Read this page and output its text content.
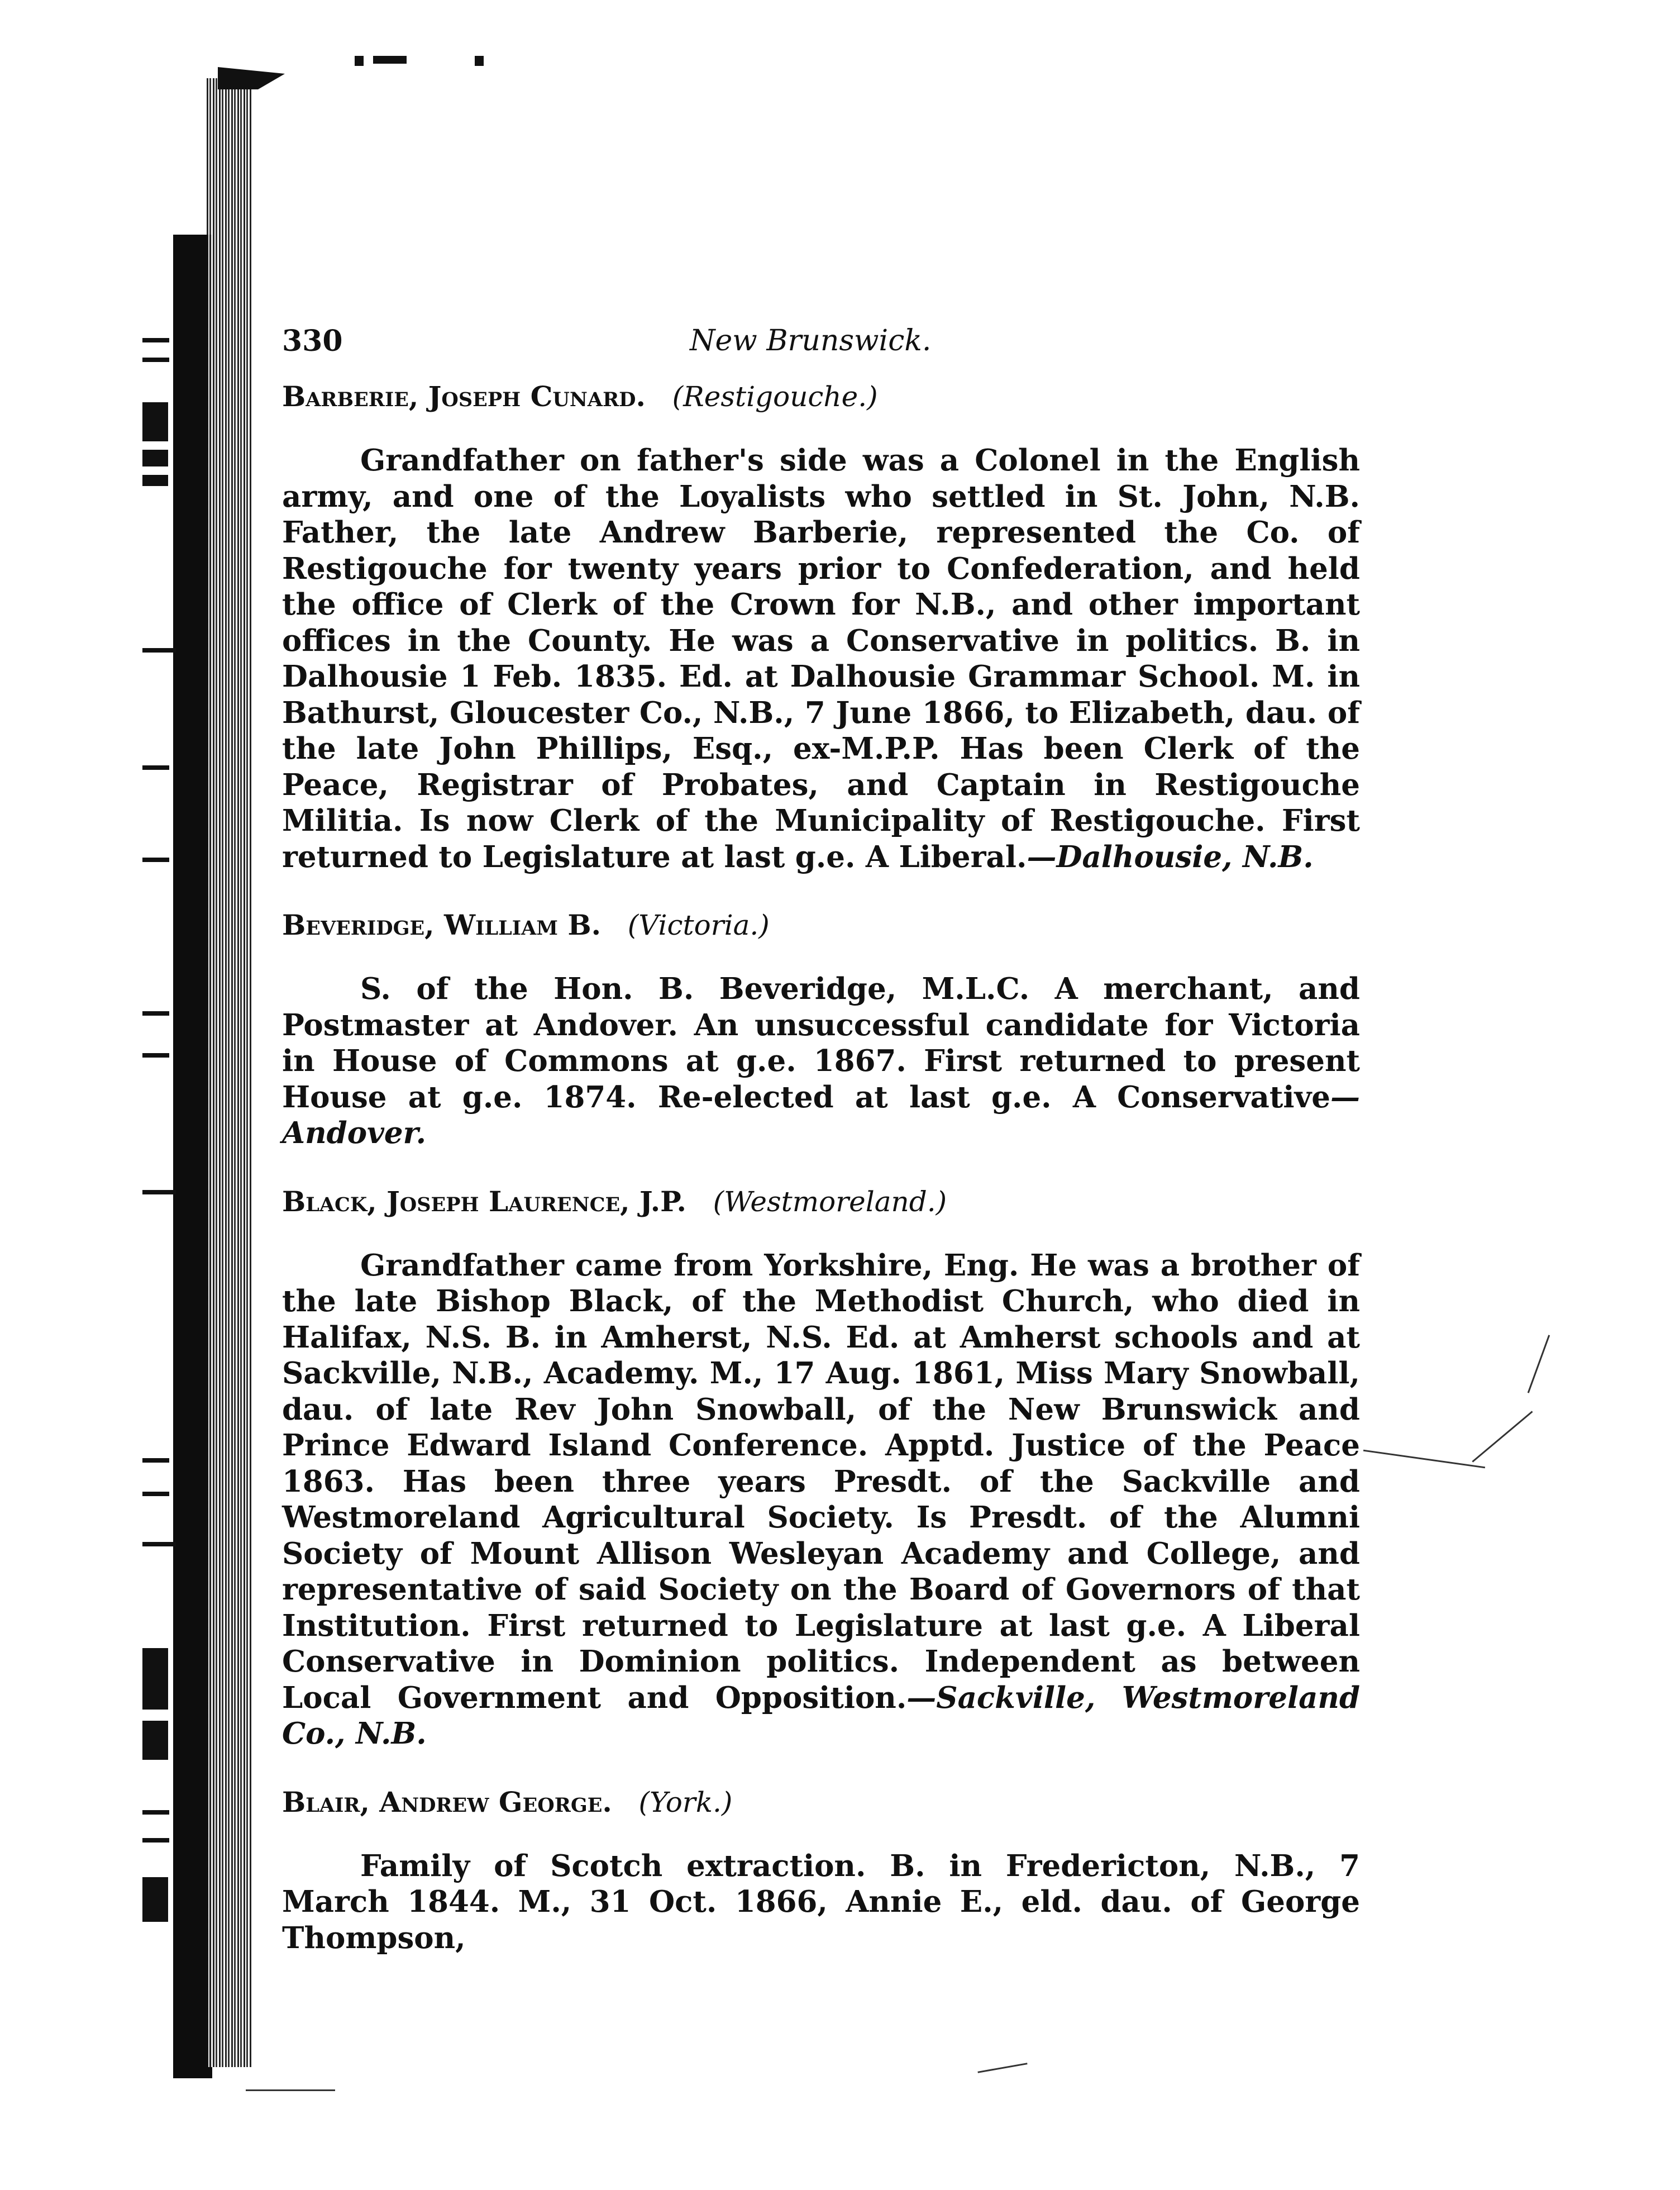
330	New Brunswick.
Barberie, Joseph Cunard. (Restigouche.)

Grandfather on father's side was a Colonel in the English army, and one of the Loyalists who settled in St. John, N.B. Father, the late Andrew Barberie, represented the Co. of Restigouche for twenty years prior to Confederation, and held the office of Clerk of the Crown for N.B., and other important offices in the County. He was a Conservative in politics. B. in Dalhousie 1 Feb. 1835. Ed. at Dalhousie Grammar School. M. in Bathurst, Gloucester Co., N.B., 7 June 1866, to Elizabeth, dau. of the late John Phillips, Esq., ex-M.P.P. Has been Clerk of the Peace, Registrar of Probates, and Captain in Restigouche Militia. Is now Clerk of the Municipality of Restigouche. First returned to Legislature at last g.e. A Liberal.—Dalhousie, N.B.

Beveridge, William B. (Victoria.)

S. of the Hon. B. Beveridge, M.L.C. A merchant, and Postmaster at Andover. An unsuccessful candidate for Victoria in House of Commons at g.e. 1867. First returned to present House at g.e. 1874. Re-elected at last g.e. A Conservative—Andover.

Black, Joseph Laurence, J.P. (Westmoreland.)

Grandfather came from Yorkshire, Eng. He was a brother of the late Bishop Black, of the Methodist Church, who died in Halifax, N.S. B. in Amherst, N.S. Ed. at Amherst schools and at Sackville, N.B., Academy. M., 17 Aug. 1861, Miss Mary Snowball, dau. of late Rev John Snowball, of the New Brunswick and Prince Edward Island Conference. Apptd. Justice of the Peace 1863. Has been three years Presdt. of the Sackville and Westmoreland Agricultural Society. Is Presdt. of the Alumni Society of Mount Allison Wesleyan Academy and College, and representative of said Society on the Board of Governors of that Institution. First returned to Legislature at last g.e. A Liberal Conservative in Dominion politics. Independent as between Local Government and Opposition.—Sackville, Westmoreland Co., N.B.

Blair, Andrew George. (York.)

Family of Scotch extraction. B. in Fredericton, N.B., 7 March 1844. M., 31 Oct. 1866, Annie E., eld. dau. of George Thompson,
